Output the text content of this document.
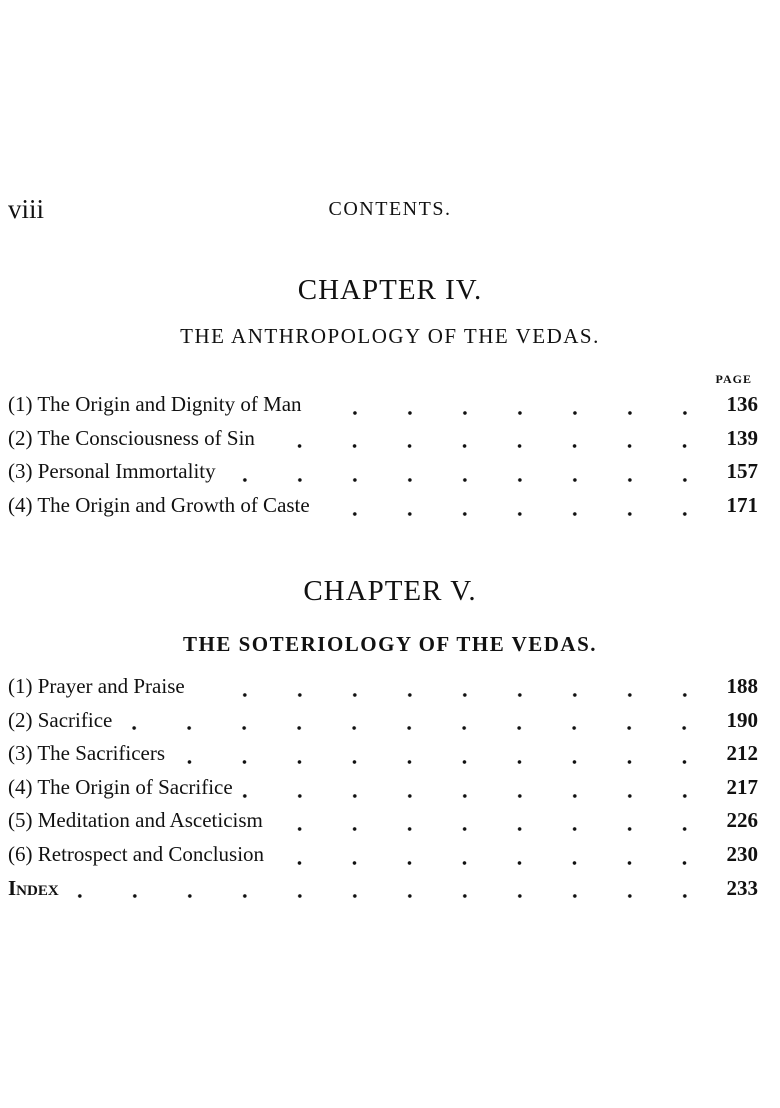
viii	CONTENTS.
CHAPTER IV.
THE ANTHROPOLOGY OF THE VEDAS.
PAGE
(1) The Origin and Dignity of Man	136
(2) The Consciousness of Sin	139
(3) Personal Immortality	157
(4) The Origin and Growth of Caste	171
CHAPTER V.
THE SOTERIOLOGY OF THE VEDAS.
(1) Prayer and Praise	188
(2) Sacrifice	190
(3) The Sacrificers	212
(4) The Origin of Sacrifice	217
(5) Meditation and Asceticism	226
(6) Retrospect and Conclusion	230
Index	233
